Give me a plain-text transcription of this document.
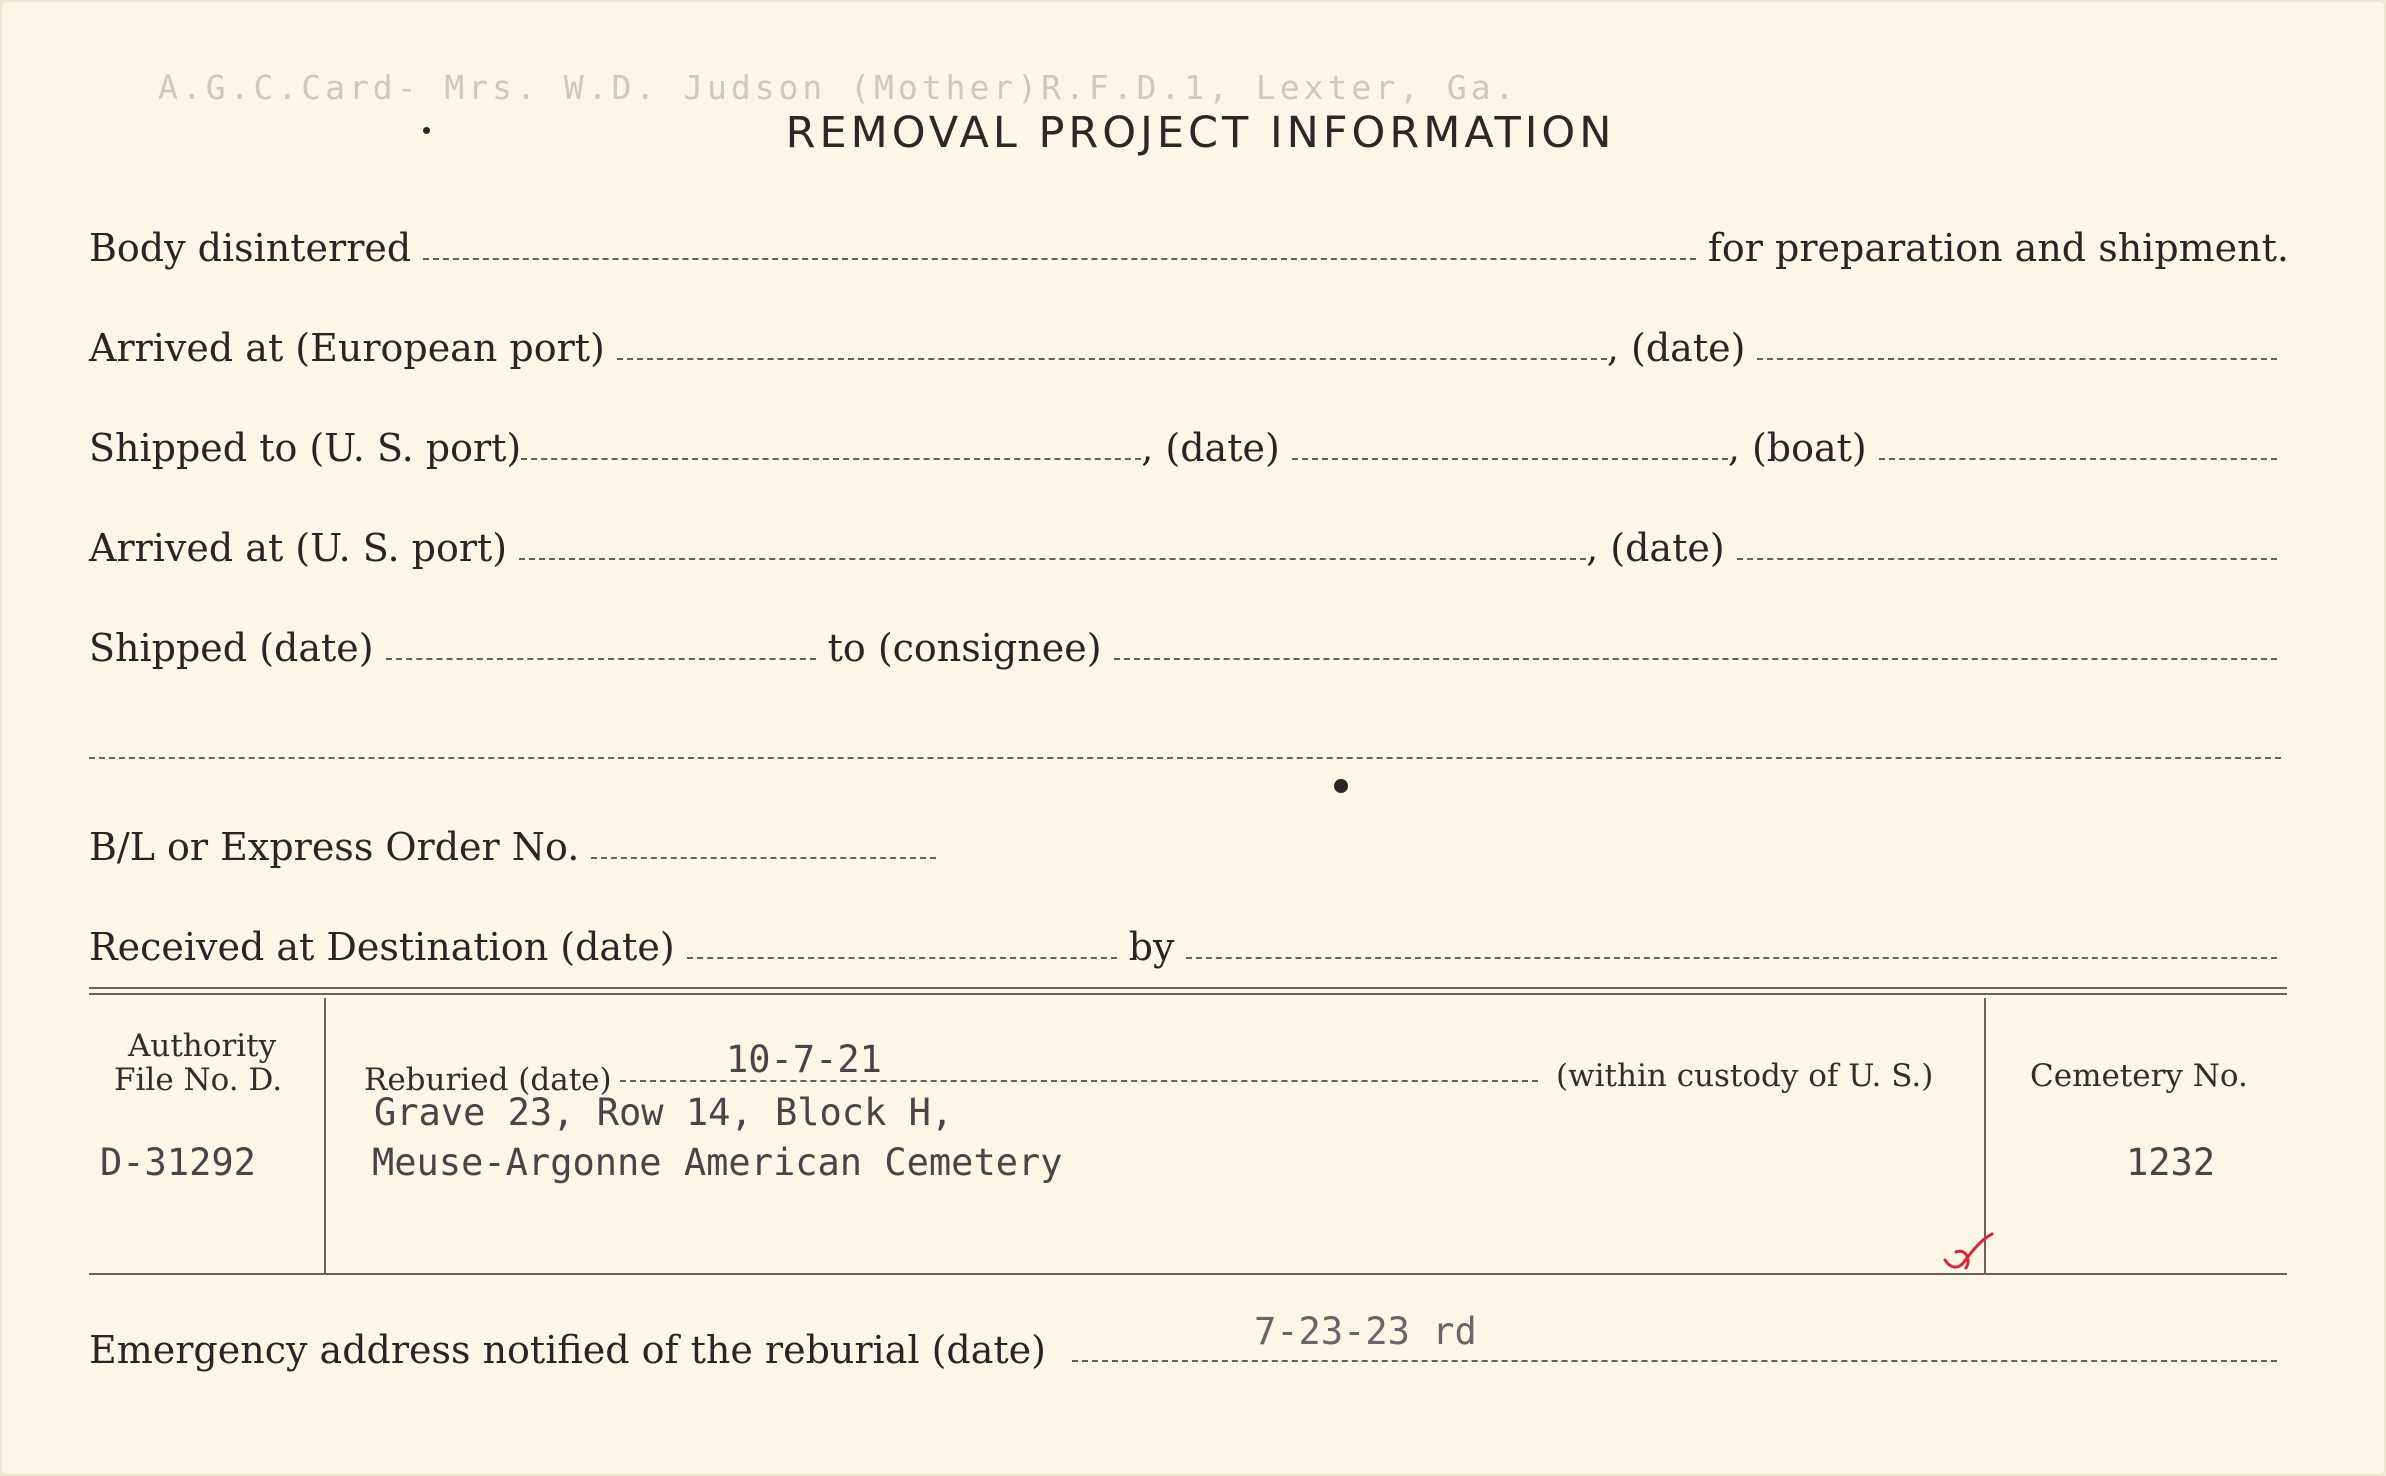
A.G.C.Card- Mrs. W.D. Judson (Mother)R.F.D.1, Lexter, Ga.
REMOVAL PROJECT INFORMATION
Body disinterred	for preparation and shipment.
Arrived at (European port)	, (date)
Shipped to (U. S. port)	, (date)	, (boat)
Arrived at (U. S. port)	, (date)
Shipped (date)	to (consignee)
B/L or Express Order No.
Received at Destination (date)	by
Authority
File No. D.
D-31292
Reburied (date)	10-7-21	(within custody of U. S.)
Grave 23, Row 14, Block H,
Meuse-Argonne American Cemetery
Cemetery No.
1232
Emergency address notified of the reburial (date)	7-23-23 rd
